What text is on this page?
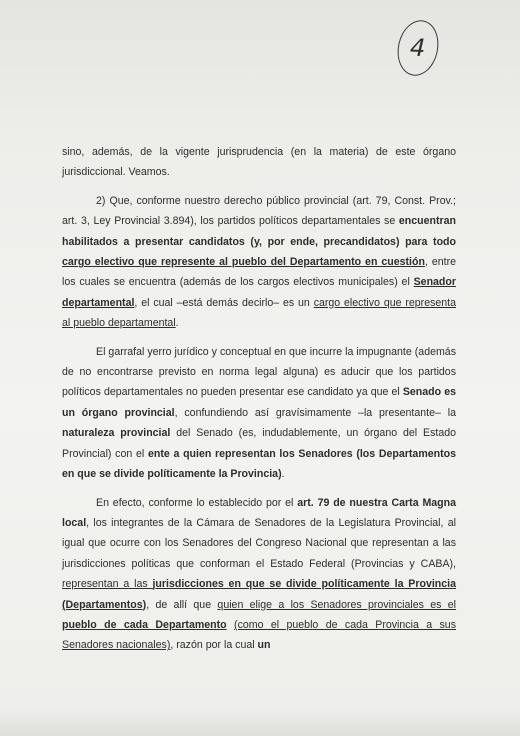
4

sino, además, de la vigente jurisprudencia (en la materia) de este órgano jurisdiccional. Veamos.

2) Que, conforme nuestro derecho público provincial (art. 79, Const. Prov.; art. 3, Ley Provincial 3.894), los partidos políticos departamentales se encuentran habilitados a presentar candidatos (y, por ende, precandidatos) para todo cargo electivo que represente al pueblo del Departamento en cuestión, entre los cuales se encuentra (además de los cargos electivos municipales) el Senador departamental, el cual –está demás decirlo– es un cargo electivo que representa al pueblo departamental.

El garrafal yerro jurídico y conceptual en que incurre la impugnante (además de no encontrarse previsto en norma legal alguna) es aducir que los partidos políticos departamentales no pueden presentar ese candidato ya que el Senado es un órgano provincial, confundiendo así gravísimamente –la presentante– la naturaleza provincial del Senado (es, indudablemente, un órgano del Estado Provincial) con el ente a quien representan los Senadores (los Departamentos en que se divide políticamente la Provincia).

En efecto, conforme lo establecido por el art. 79 de nuestra Carta Magna local, los integrantes de la Cámara de Senadores de la Legislatura Provincial, al igual que ocurre con los Senadores del Congreso Nacional que representan a las jurisdicciones políticas que conforman el Estado Federal (Provincias y CABA), representan a las jurisdicciones en que se divide políticamente la Provincia (Departamentos), de allí que quien elige a los Senadores provinciales es el pueblo de cada Departamento (como el pueblo de cada Provincia a sus Senadores nacionales), razón por la cual un
